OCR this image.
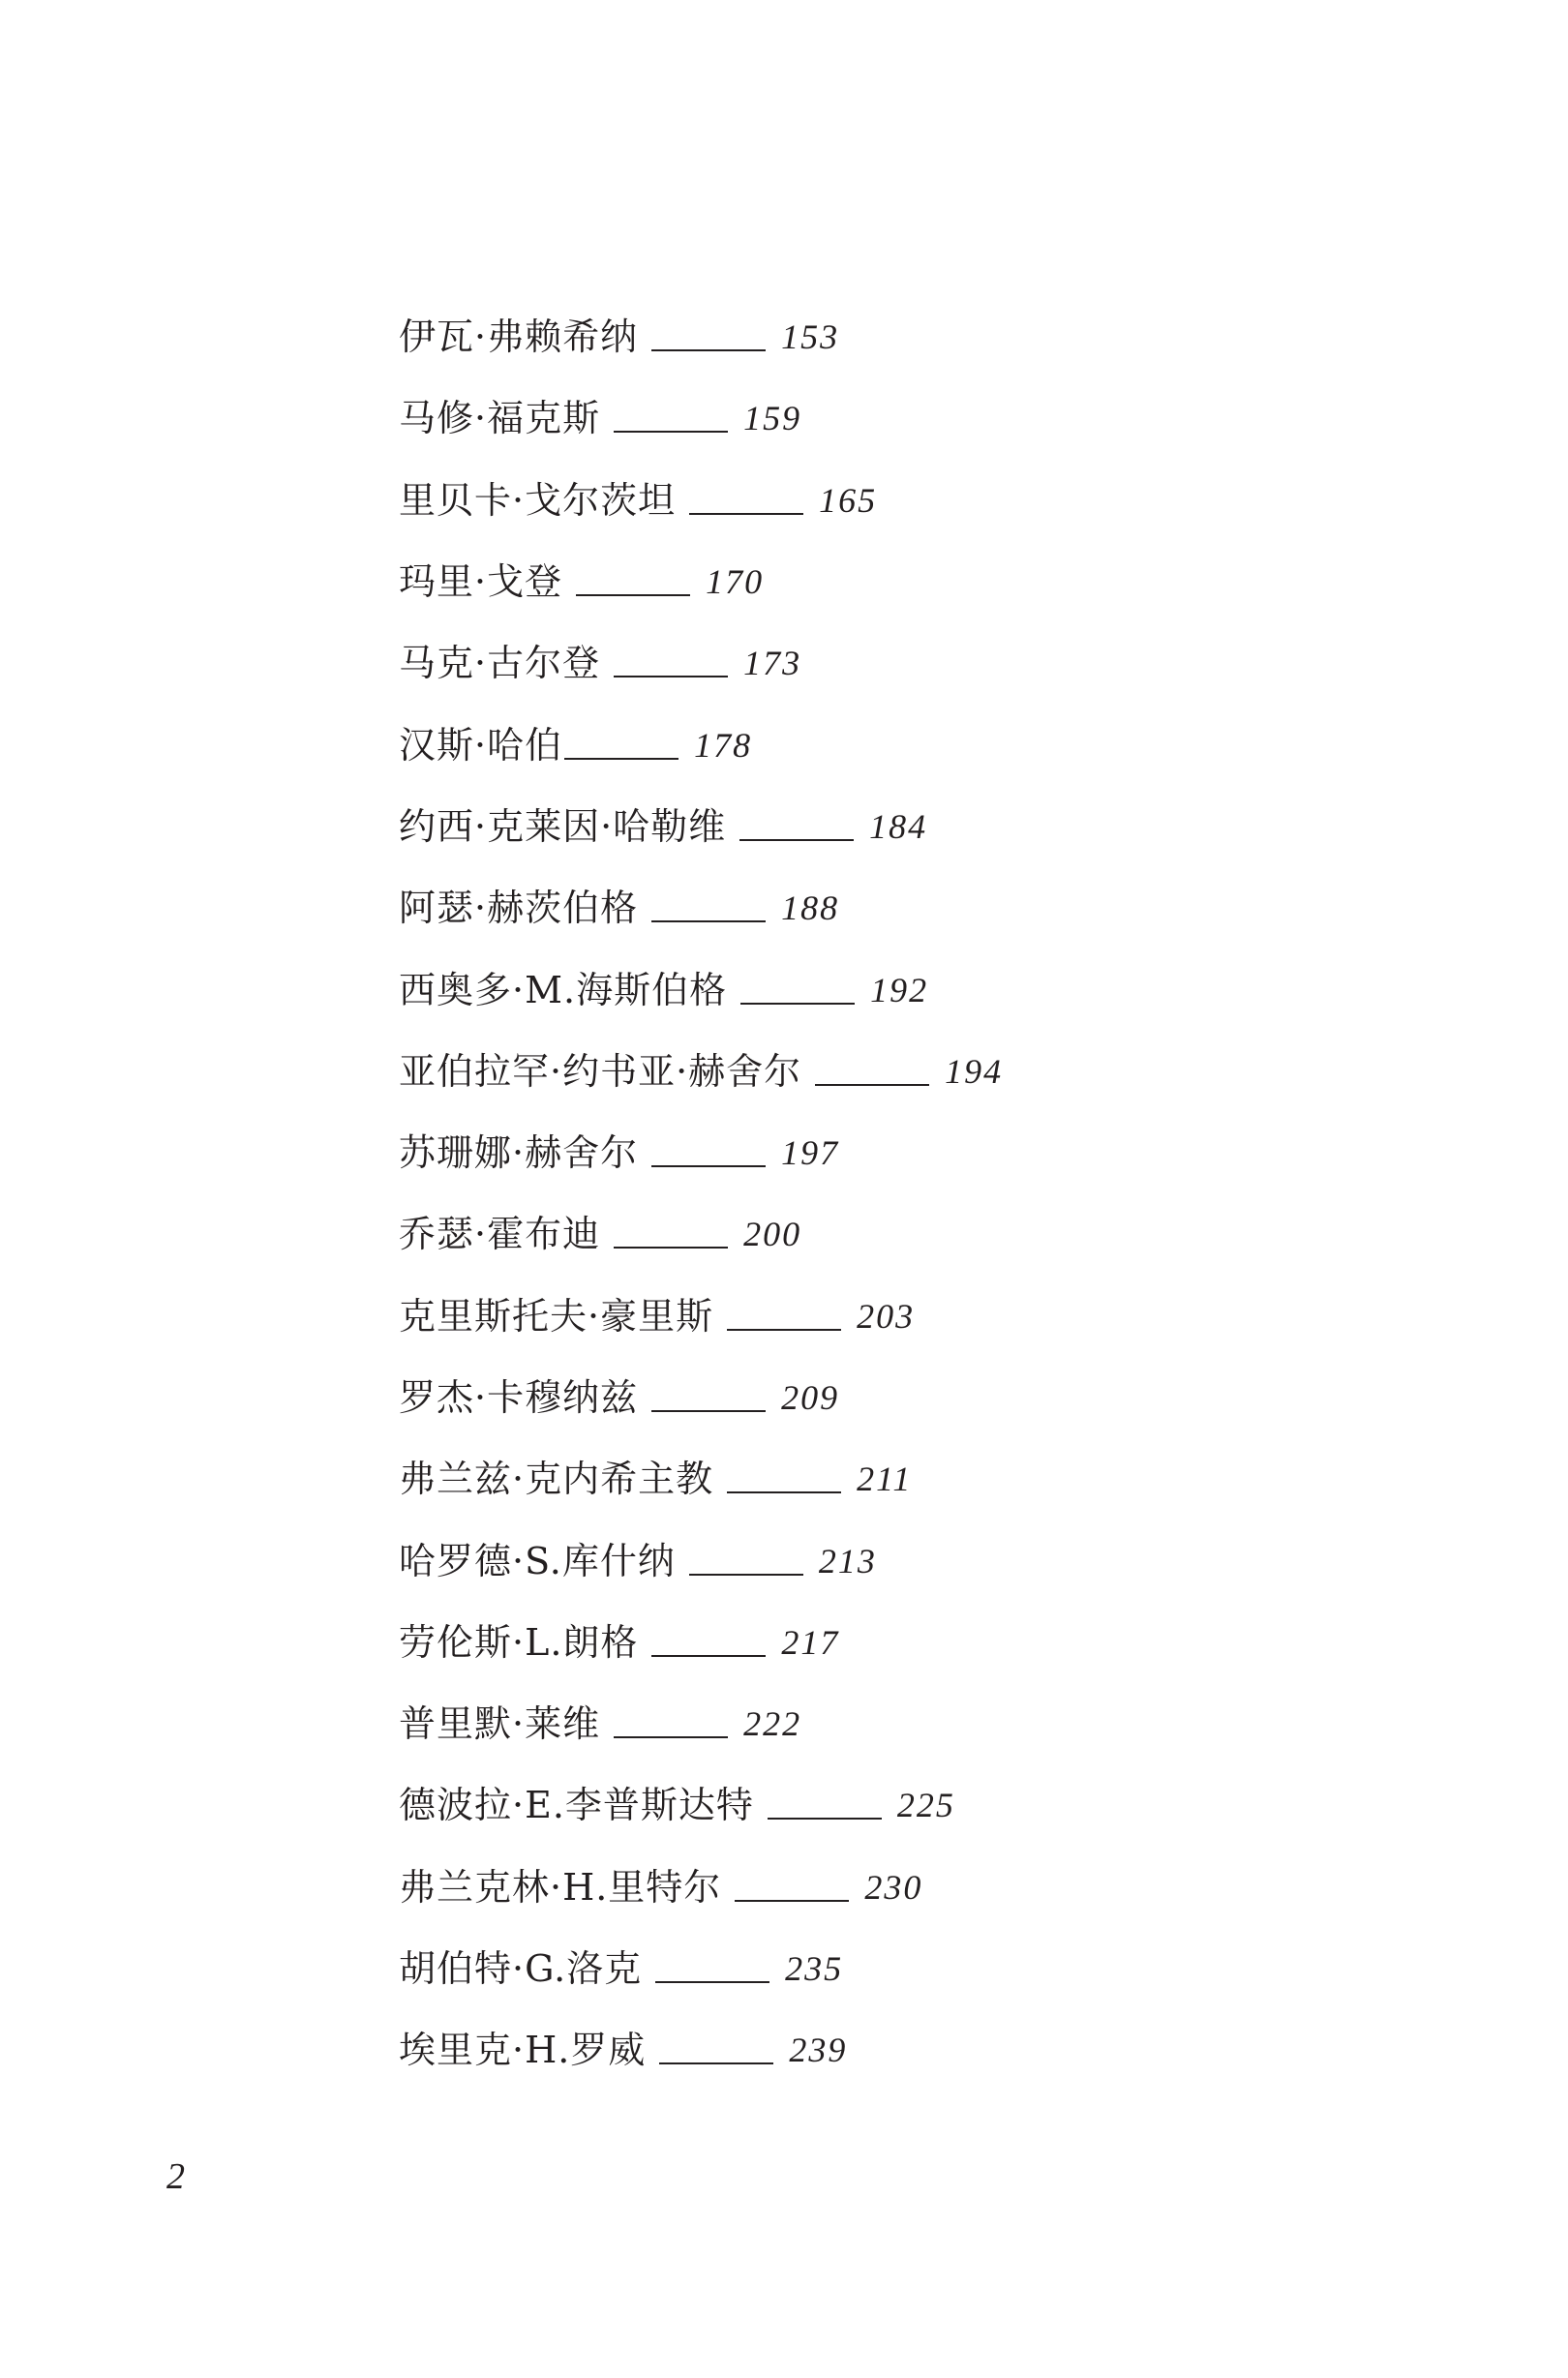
伊瓦·弗赖希纳	153
马修·福克斯	159
里贝卡·戈尔茨坦	165
玛里·戈登	170
马克·古尔登	173
汉斯·哈伯	178
约西·克莱因·哈勒维	184
阿瑟·赫茨伯格	188
西奥多·M.海斯伯格	192
亚伯拉罕·约书亚·赫舍尔	194
苏珊娜·赫舍尔	197
乔瑟·霍布迪	200
克里斯托夫·豪里斯	203
罗杰·卡穆纳兹	209
弗兰兹·克内希主教	211
哈罗德·S.库什纳	213
劳伦斯·L.朗格	217
普里默·莱维	222
德波拉·E.李普斯达特	225
弗兰克林·H.里特尔	230
胡伯特·G.洛克	235
埃里克·H.罗威	239
2
